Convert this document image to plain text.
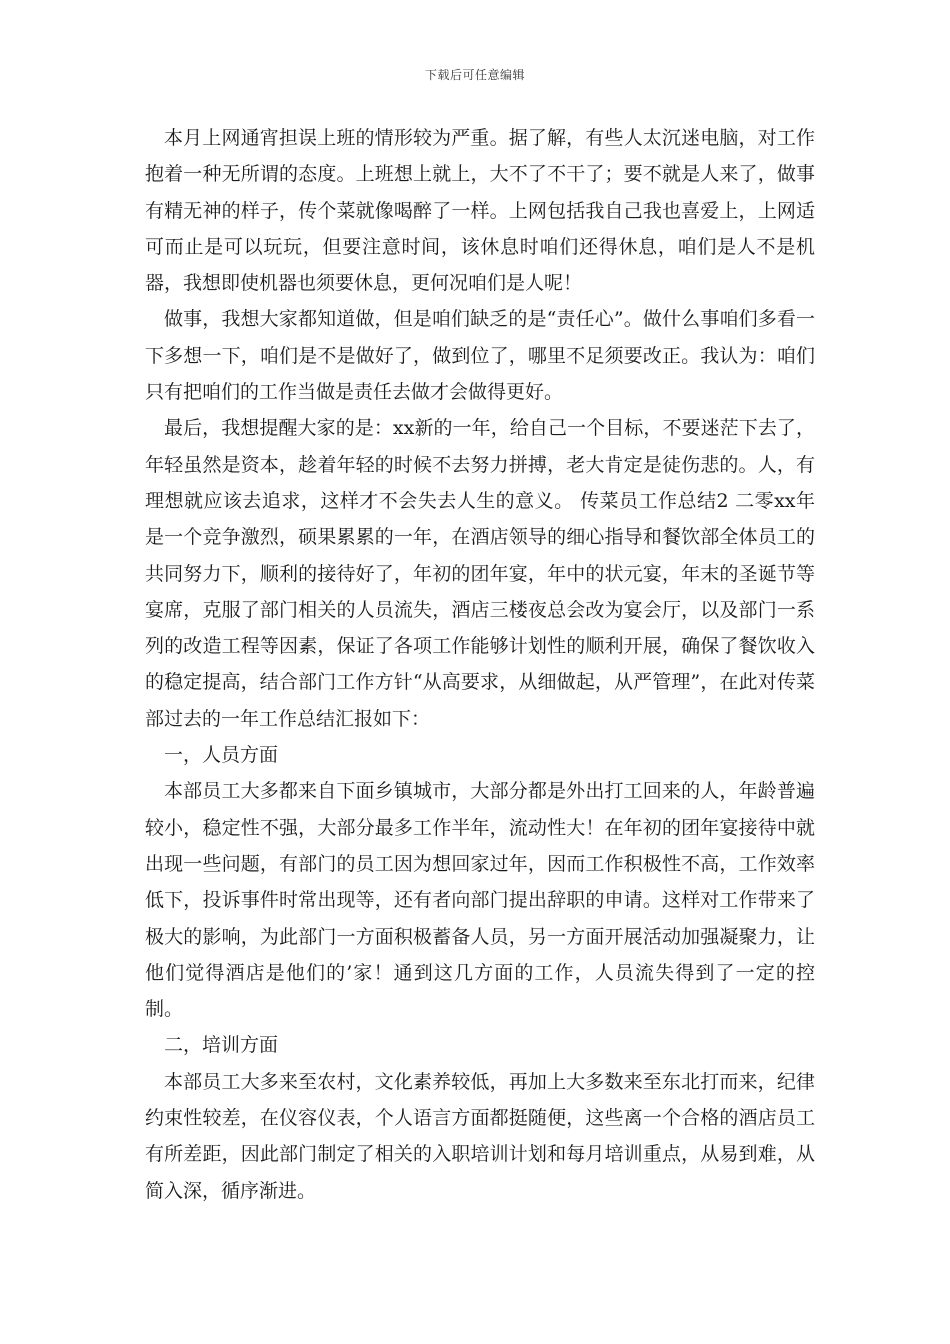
下载后可任意编辑

本月上网通宵担误上班的情形较为严重。据了解，有些人太沉迷电脑，对工作抱着一种无所谓的态度。上班想上就上，大不了不干了；要不就是人来了，做事有精无神的样子，传个菜就像喝醉了一样。上网包括我自己我也喜爱上，上网适可而止是可以玩玩，但要注意时间，该休息时咱们还得休息，咱们是人不是机器，我想即使机器也须要休息，更何况咱们是人呢！

做事，我想大家都知道做，但是咱们缺乏的是“责任心”。做什么事咱们多看一下多想一下，咱们是不是做好了，做到位了，哪里不足须要改正。我认为：咱们只有把咱们的工作当做是责任去做才会做得更好。

最后，我想提醒大家的是：xx新的一年，给自己一个目标，不要迷茫下去了，年轻虽然是资本，趁着年轻的时候不去努力拼搏，老大肯定是徒伤悲的。人，有理想就应该去追求，这样才不会失去人生的意义。 传菜员工作总结2 二零xx年是一个竞争激烈，硕果累累的一年，在酒店领导的细心指导和餐饮部全体员工的共同努力下，顺利的接待好了，年初的团年宴，年中的状元宴，年末的圣诞节等宴席，克服了部门相关的人员流失，酒店三楼夜总会改为宴会厅，以及部门一系列的改造工程等因素，保证了各项工作能够计划性的顺利开展，确保了餐饮收入的稳定提高，结合部门工作方针“从高要求，从细做起，从严管理”，在此对传菜部过去的一年工作总结汇报如下：

一，人员方面

本部员工大多都来自下面乡镇城市，大部分都是外出打工回来的人，年龄普遍较小，稳定性不强，大部分最多工作半年，流动性大！在年初的团年宴接待中就出现一些问题，有部门的员工因为想回家过年，因而工作积极性不高，工作效率低下，投诉事件时常出现等，还有者向部门提出辞职的申请。这样对工作带来了极大的影响，为此部门一方面积极蓄备人员，另一方面开展活动加强凝聚力，让他们觉得酒店是他们的’家！通到这几方面的工作，人员流失得到了一定的控制。

二，培训方面

本部员工大多来至农村，文化素养较低，再加上大多数来至东北打而来，纪律约束性较差，在仪容仪表，个人语言方面都挺随便，这些离一个合格的酒店员工有所差距，因此部门制定了相关的入职培训计划和每月培训重点，从易到难，从简入深，循序渐进。
